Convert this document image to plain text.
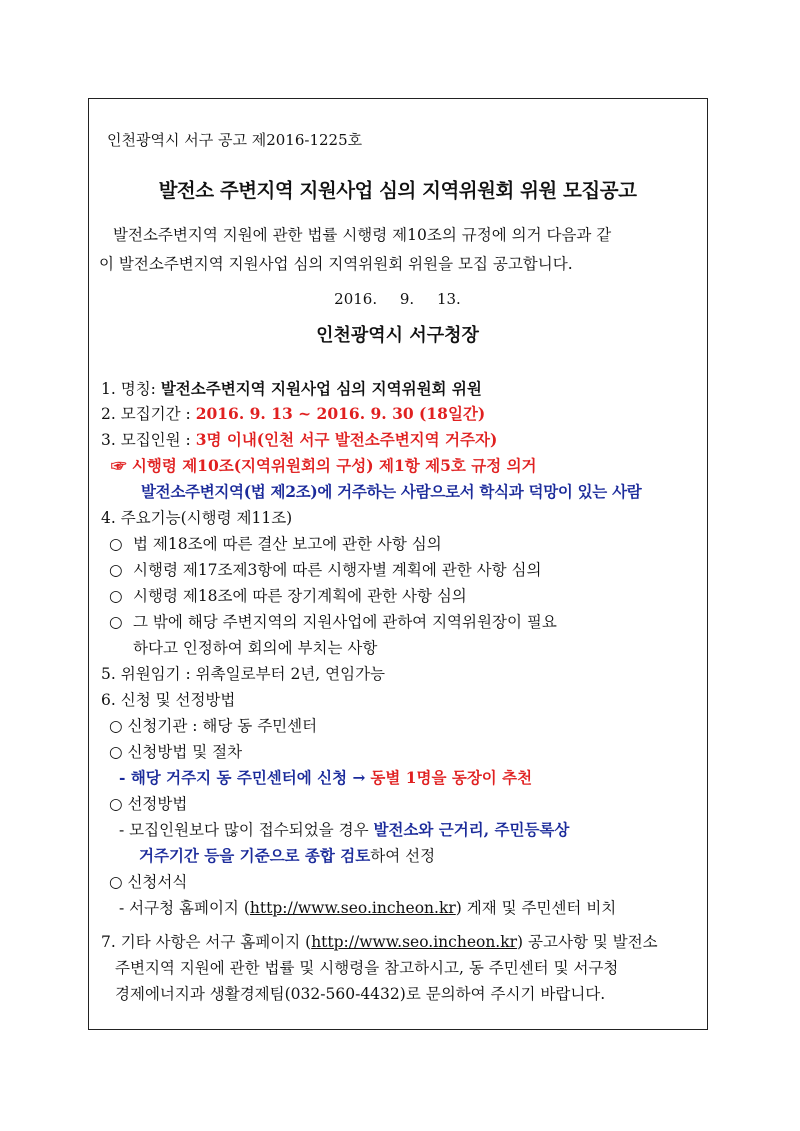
인천광역시 서구 공고 제2016-1225호
발전소 주변지역 지원사업 심의 지역위원회 위원 모집공고
발전소주변지역 지원에 관한 법률 시행령 제10조의 규정에 의거 다음과 같
이 발전소주변지역 지원사업 심의 지역위원회 위원을 모집 공고합니다.
2016. 9. 13.
인천광역시 서구청장
1. 명칭: 발전소주변지역 지원사업 심의 지역위원회 위원
2. 모집기간 : 2016. 9. 13 ~ 2016. 9. 30 (18일간)
3. 모집인원 : 3명 이내(인천 서구 발전소주변지역 거주자)
☞ 시행령 제10조(지역위원회의 구성) 제1항 제5호 규정 의거
발전소주변지역(법 제2조)에 거주하는 사람으로서 학식과 덕망이 있는 사람
4. 주요기능(시행령 제11조)
○ 법 제18조에 따른 결산 보고에 관한 사항 심의
○ 시행령 제17조제3항에 따른 시행자별 계획에 관한 사항 심의
○ 시행령 제18조에 따른 장기계획에 관한 사항 심의
○ 그 밖에 해당 주변지역의 지원사업에 관하여 지역위원장이 필요
하다고 인정하여 회의에 부치는 사항
5. 위원임기 : 위촉일로부터 2년, 연임가능
6. 신청 및 선정방법
○ 신청기관 : 해당 동 주민센터
○ 신청방법 및 절차
- 해당 거주지 동 주민센터에 신청 → 동별 1명을 동장이 추천
○ 선정방법
- 모집인원보다 많이 접수되었을 경우 발전소와 근거리, 주민등록상
거주기간 등을 기준으로 종합 검토하여 선정
○ 신청서식
- 서구청 홈페이지 (http://www.seo.incheon.kr) 게재 및 주민센터 비치
7. 기타 사항은 서구 홈페이지 (http://www.seo.incheon.kr) 공고사항 및 발전소
주변지역 지원에 관한 법률 및 시행령을 참고하시고, 동 주민센터 및 서구청
경제에너지과 생활경제팀(032-560-4432)로 문의하여 주시기 바랍니다.
